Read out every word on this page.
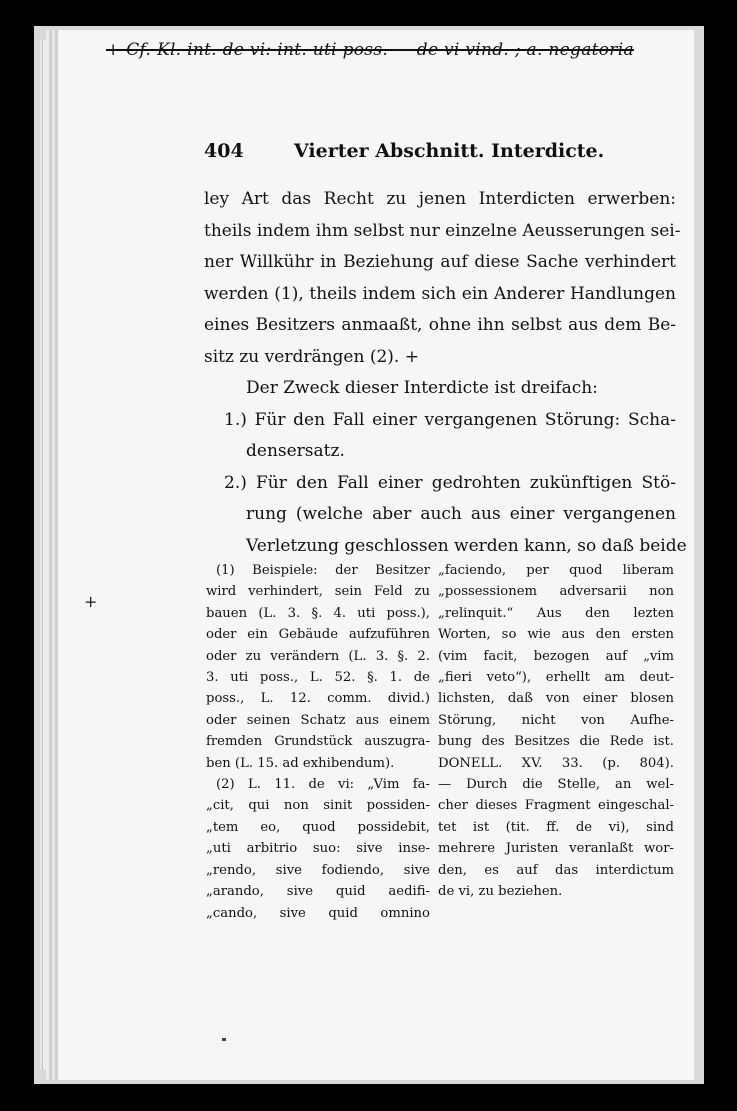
+ Cf. Kl. int. de vi: int. uti poss. — de vi vind. ; a. negatoria
404	Vierter Abschnitt. Interdicte.
ley Art das Recht zu jenen Interdicten erwerben:
theils indem ihm selbst nur einzelne Aeusserungen sei-
ner Willkühr in Beziehung auf diese Sache verhindert
werden (1), theils indem sich ein Anderer Handlungen
eines Besitzers anmaaßt, ohne ihn selbst aus dem Be-
sitz zu verdrängen (2). +
Der Zweck dieser Interdicte ist dreifach:
1.) Für den Fall einer vergangenen Störung: Scha-
densersatz.
2.) Für den Fall einer gedrohten zukünftigen Stö-
rung (welche aber auch aus einer vergangenen
Verletzung geschlossen werden kann, so daß beide
(1) Beispiele: der Besitzer
wird verhindert, sein Feld zu
bauen (L. 3. §. 4. uti poss.),
oder ein Gebäude aufzuführen
oder zu verändern (L. 3. §. 2.
3. uti poss., L. 52. §. 1. de
poss., L. 12. comm. divid.)
oder seinen Schatz aus einem
fremden Grundstück auszugra-
ben (L. 15. ad exhibendum).
(2) L. 11. de vi: „Vim fa-
„cit, qui non sinit possiden-
„tem eo, quod possidebit,
„uti arbitrio suo: sive inse-
„rendo, sive fodiendo, sive
„arando, sive quid aedifi-
„cando, sive quid omnino
„faciendo, per quod liberam
„possessionem adversarii non
„relinquit.“ Aus den lezten
Worten, so wie aus den ersten
(vim facit, bezogen auf „vim
„fieri veto“), erhellt am deut-
lichsten, daß von einer blosen
Störung, nicht von Aufhe-
bung des Besitzes die Rede ist.
DONELL. XV. 33. (p. 804).
— Durch die Stelle, an wel-
cher dieses Fragment eingeschal-
tet ist (tit. ff. de vi), sind
mehrere Juristen veranlaßt wor-
den, es auf das interdictum
de vi, zu beziehen.
+
